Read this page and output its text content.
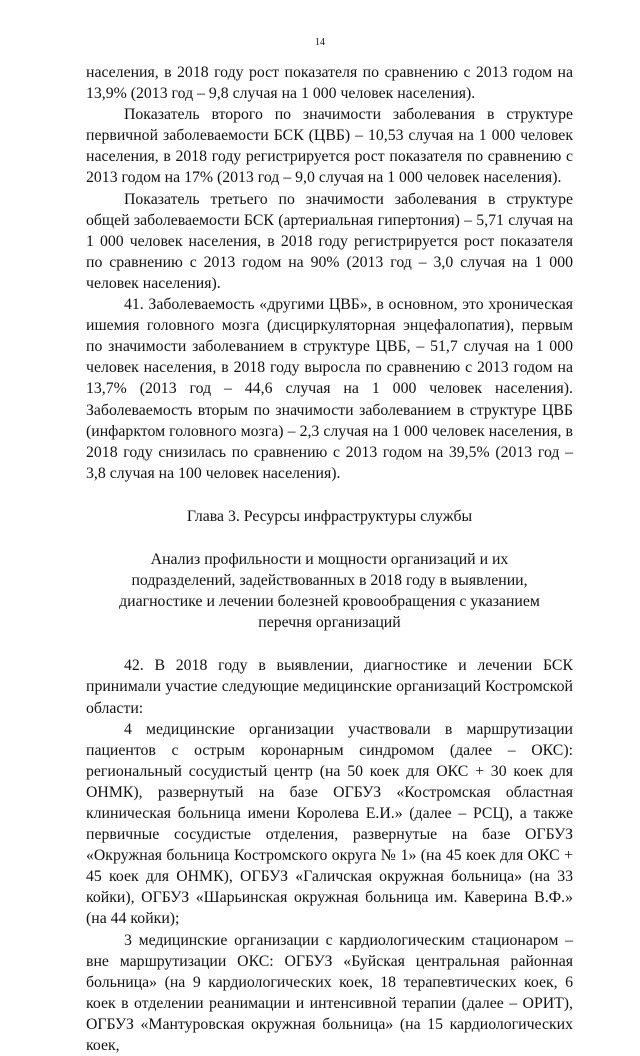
14

населения, в 2018 году рост показателя по сравнению с 2013 годом на 13,9% (2013 год – 9,8 случая на 1 000 человек населения).

Показатель второго по значимости заболевания в структуре первичной заболеваемости БСК (ЦВБ) – 10,53 случая на 1 000 человек населения, в 2018 году регистрируется рост показателя по сравнению с 2013 годом на 17% (2013 год – 9,0 случая на 1 000 человек населения).

Показатель третьего по значимости заболевания в структуре общей заболеваемости БСК (артериальная гипертония) – 5,71 случая на 1 000 человек населения, в 2018 году регистрируется рост показателя по сравнению с 2013 годом на 90% (2013 год – 3,0 случая на 1 000 человек населения).

41. Заболеваемость «другими ЦВБ», в основном, это хроническая ишемия головного мозга (дисциркуляторная энцефалопатия), первым по значимости заболеванием в структуре ЦВБ, – 51,7 случая на 1 000 человек населения, в 2018 году выросла по сравнению с 2013 годом на 13,7% (2013 год – 44,6 случая на 1 000 человек населения). Заболеваемость вторым по значимости заболеванием в структуре ЦВБ (инфарктом головного мозга) – 2,3 случая на 1 000 человек населения, в 2018 году снизилась по сравнению с 2013 годом на 39,5% (2013 год – 3,8 случая на 100 человек населения).

Глава 3. Ресурсы инфраструктуры службы

Анализ профильности и мощности организаций и их подразделений, задействованных в 2018 году в выявлении, диагностике и лечении болезней кровообращения с указанием перечня организаций

42. В 2018 году в выявлении, диагностике и лечении БСК принимали участие следующие медицинские организаций Костромской области:

4 медицинские организации участвовали в маршрутизации пациентов с острым коронарным синдромом (далее – ОКС): региональный сосудистый центр (на 50 коек для ОКС + 30 коек для ОНМК), развернутый на базе ОГБУЗ «Костромская областная клиническая больница имени Королева Е.И.» (далее – РСЦ), а также первичные сосудистые отделения, развернутые на базе ОГБУЗ «Окружная больница Костромского округа № 1» (на 45 коек для ОКС + 45 коек для ОНМК), ОГБУЗ «Галичская окружная больница» (на 33 койки), ОГБУЗ «Шарьинская окружная больница им. Каверина В.Ф.» (на 44 койки);

3 медицинские организации с кардиологическим стационаром – вне маршрутизации ОКС: ОГБУЗ «Буйская центральная районная больница» (на 9 кардиологических коек, 18 терапевтических коек, 6 коек в отделении реанимации и интенсивной терапии (далее – ОРИТ), ОГБУЗ «Мантуровская окружная больница» (на 15 кардиологических коек,
